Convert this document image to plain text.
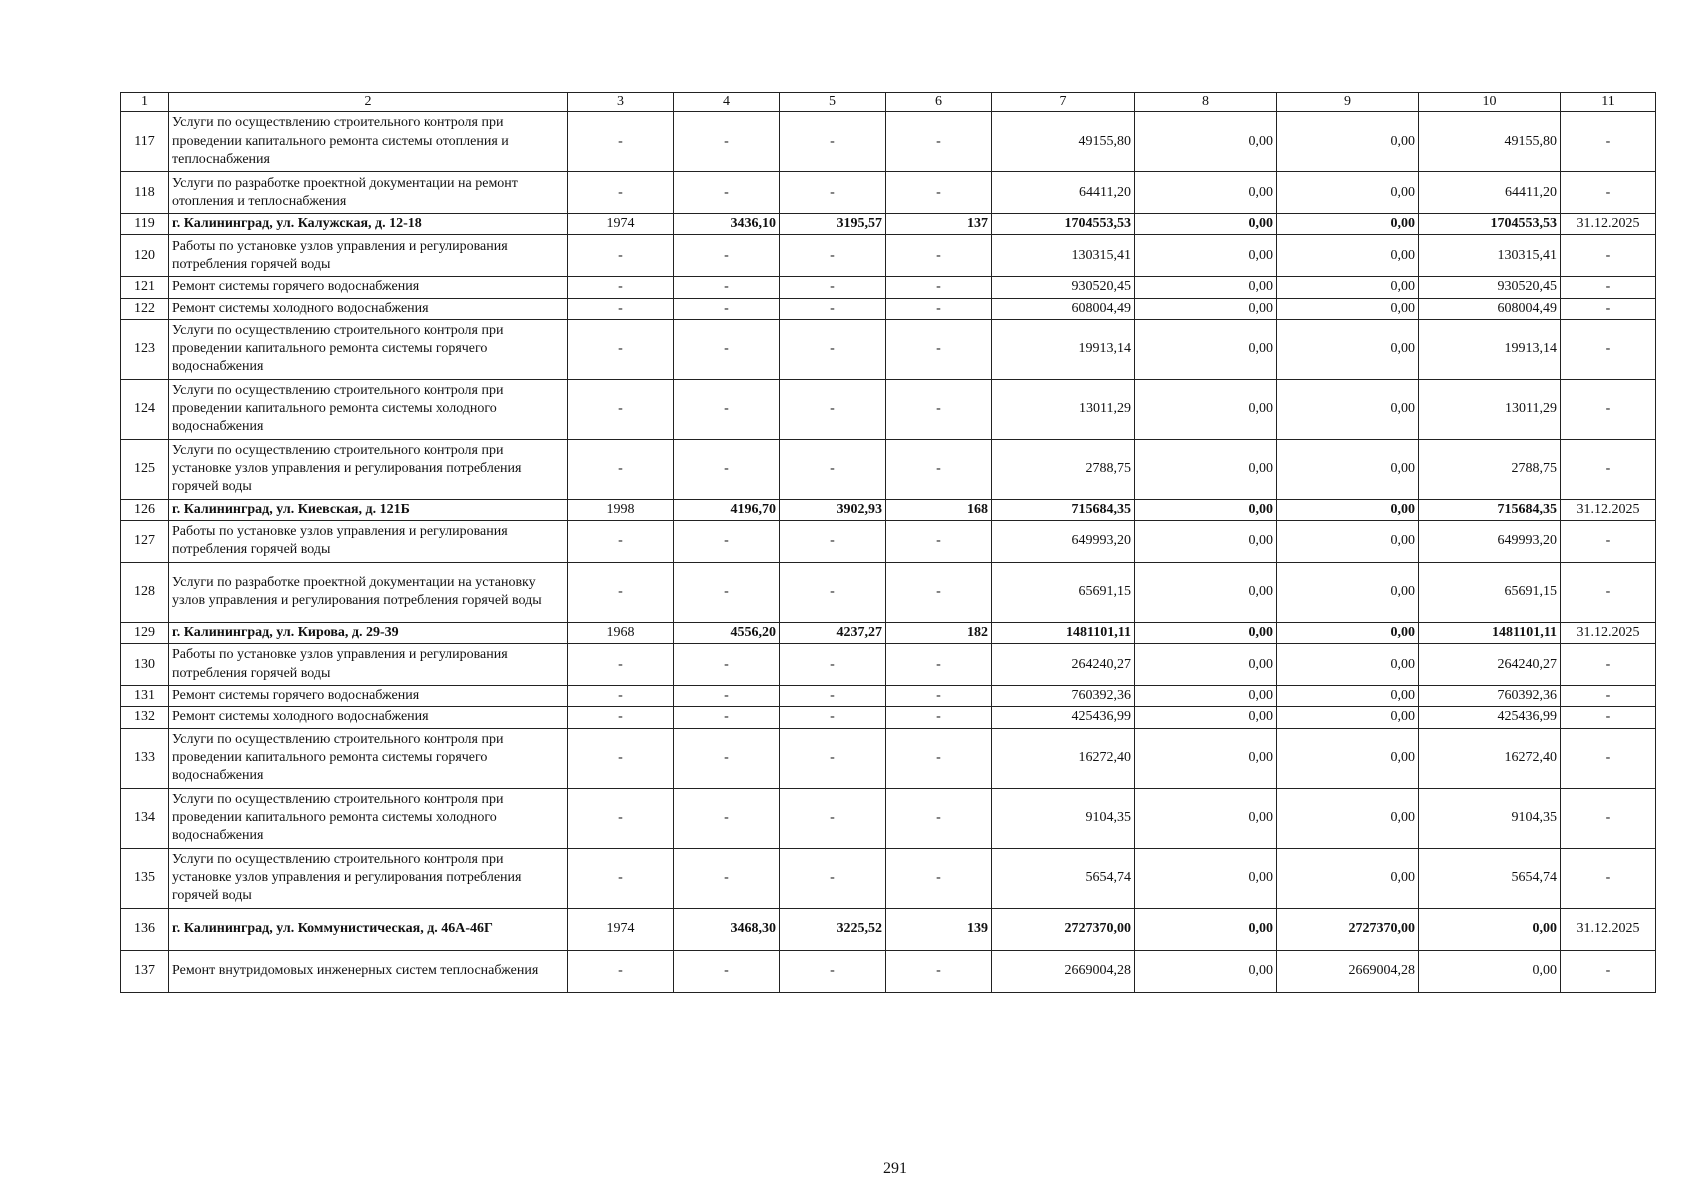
1	2	3	4	5	6	7	8	9	10	11
117	Услуги по осуществлению строительного контроля при проведении капитального ремонта системы отопления и теплоснабжения	-	-	-	-	49155,80	0,00	0,00	49155,80	-
118	Услуги по разработке проектной документации на ремонт отопления и теплоснабжения	-	-	-	-	64411,20	0,00	0,00	64411,20	-
119	г. Калининград, ул. Калужская, д. 12-18	1974	3436,10	3195,57	137	1704553,53	0,00	0,00	1704553,53	31.12.2025
120	Работы по установке узлов управления и регулирования потребления горячей воды	-	-	-	-	130315,41	0,00	0,00	130315,41	-
121	Ремонт системы горячего водоснабжения	-	-	-	-	930520,45	0,00	0,00	930520,45	-
122	Ремонт системы холодного водоснабжения	-	-	-	-	608004,49	0,00	0,00	608004,49	-
123	Услуги по осуществлению строительного контроля при проведении капитального ремонта системы горячего водоснабжения	-	-	-	-	19913,14	0,00	0,00	19913,14	-
124	Услуги по осуществлению строительного контроля при проведении капитального ремонта системы холодного водоснабжения	-	-	-	-	13011,29	0,00	0,00	13011,29	-
125	Услуги по осуществлению строительного контроля при установке узлов управления и регулирования потребления горячей воды	-	-	-	-	2788,75	0,00	0,00	2788,75	-
126	г. Калининград, ул. Киевская, д. 121Б	1998	4196,70	3902,93	168	715684,35	0,00	0,00	715684,35	31.12.2025
127	Работы по установке узлов управления и регулирования потребления горячей воды	-	-	-	-	649993,20	0,00	0,00	649993,20	-
128	Услуги по разработке проектной документации на установку узлов управления и регулирования потребления горячей воды	-	-	-	-	65691,15	0,00	0,00	65691,15	-
129	г. Калининград, ул. Кирова, д. 29-39	1968	4556,20	4237,27	182	1481101,11	0,00	0,00	1481101,11	31.12.2025
130	Работы по установке узлов управления и регулирования потребления горячей воды	-	-	-	-	264240,27	0,00	0,00	264240,27	-
131	Ремонт системы горячего водоснабжения	-	-	-	-	760392,36	0,00	0,00	760392,36	-
132	Ремонт системы холодного водоснабжения	-	-	-	-	425436,99	0,00	0,00	425436,99	-
133	Услуги по осуществлению строительного контроля при проведении капитального ремонта системы горячего водоснабжения	-	-	-	-	16272,40	0,00	0,00	16272,40	-
134	Услуги по осуществлению строительного контроля при проведении капитального ремонта системы холодного водоснабжения	-	-	-	-	9104,35	0,00	0,00	9104,35	-
135	Услуги по осуществлению строительного контроля при установке узлов управления и регулирования потребления горячей воды	-	-	-	-	5654,74	0,00	0,00	5654,74	-
136	г. Калининград, ул. Коммунистическая, д. 46А-46Г	1974	3468,30	3225,52	139	2727370,00	0,00	2727370,00	0,00	31.12.2025
137	Ремонт внутридомовых инженерных систем теплоснабжения	-	-	-	-	2669004,28	0,00	2669004,28	0,00	-
291
